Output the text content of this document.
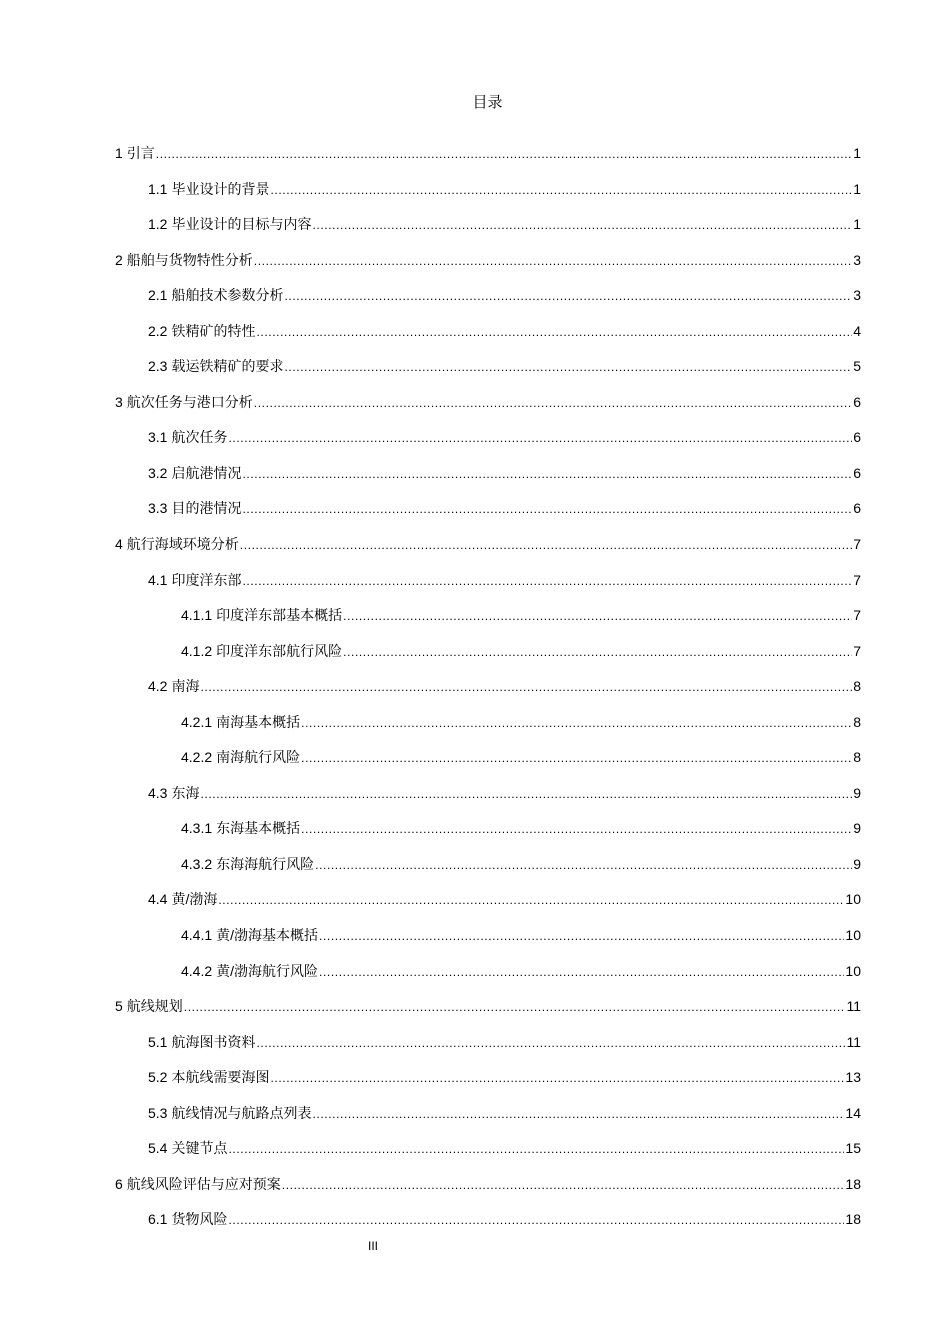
目录
1 引言 .....	1
1.1 毕业设计的背景 .....	1
1.2 毕业设计的目标与内容 .....	1
2 船舶与货物特性分析 .....	3
2.1 船舶技术参数分析 .....	3
2.2 铁精矿的特性 .....	4
2.3 载运铁精矿的要求 .....	5
3 航次任务与港口分析 .....	6
3.1 航次任务 .....	6
3.2 启航港情况 .....	6
3.3 目的港情况 .....	6
4 航行海域环境分析 .....	7
4.1 印度洋东部 .....	7
4.1.1 印度洋东部基本概括 .....	7
4.1.2 印度洋东部航行风险 .....	7
4.2 南海 .....	8
4.2.1 南海基本概括 .....	8
4.2.2 南海航行风险 .....	8
4.3 东海 .....	9
4.3.1 东海基本概括 .....	9
4.3.2 东海海航行风险 .....	9
4.4 黄/渤海 .....	10
4.4.1 黄/渤海基本概括 .....	10
4.4.2 黄/渤海航行风险 .....	10
5 航线规划 .....	11
5.1 航海图书资料 .....	11
5.2 本航线需要海图 .....	13
5.3 航线情况与航路点列表 .....	14
5.4 关键节点 .....	15
6 航线风险评估与应对预案 .....	18
6.1 货物风险 .....	18
III
